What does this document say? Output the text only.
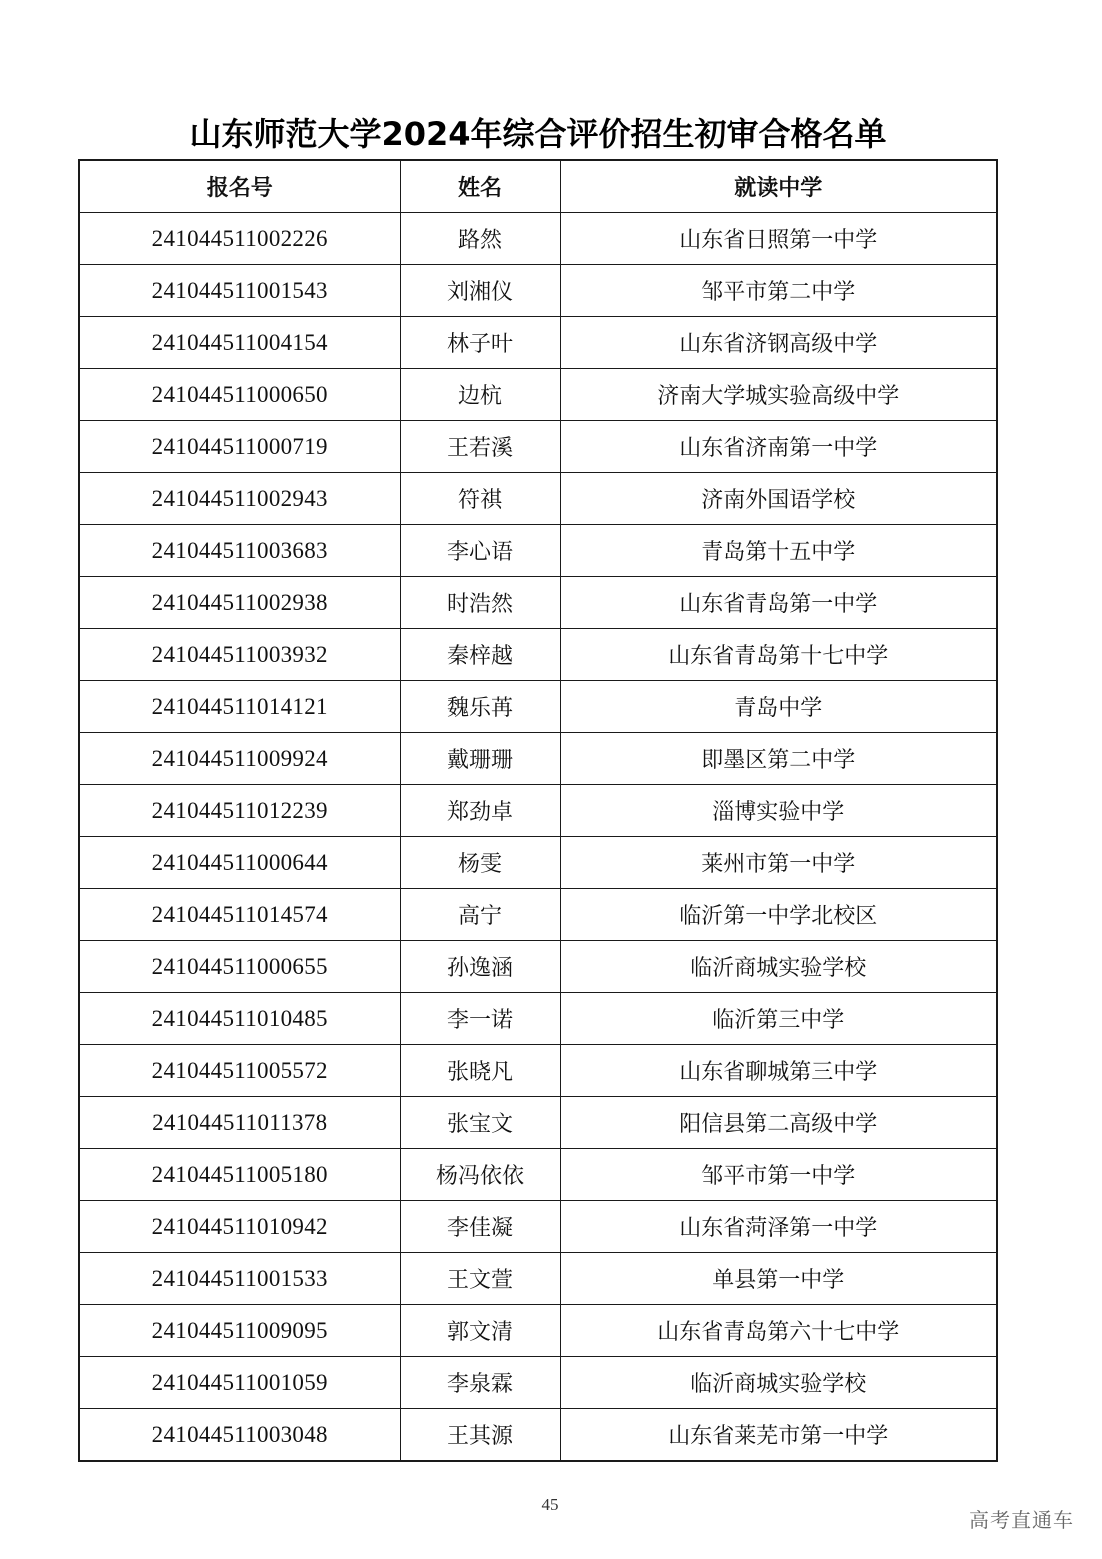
山东师范大学2024年综合评价招生初审合格名单
报名号	姓名	就读中学
241044511002226	路然	山东省日照第一中学
241044511001543	刘湘仪	邹平市第二中学
241044511004154	林子叶	山东省济钢高级中学
241044511000650	边杭	济南大学城实验高级中学
241044511000719	王若溪	山东省济南第一中学
241044511002943	符祺	济南外国语学校
241044511003683	李心语	青岛第十五中学
241044511002938	时浩然	山东省青岛第一中学
241044511003932	秦梓越	山东省青岛第十七中学
241044511014121	魏乐苒	青岛中学
241044511009924	戴珊珊	即墨区第二中学
241044511012239	郑劲卓	淄博实验中学
241044511000644	杨雯	莱州市第一中学
241044511014574	高宁	临沂第一中学北校区
241044511000655	孙逸涵	临沂商城实验学校
241044511010485	李一诺	临沂第三中学
241044511005572	张晓凡	山东省聊城第三中学
241044511011378	张宝文	阳信县第二高级中学
241044511005180	杨冯依依	邹平市第一中学
241044511010942	李佳凝	山东省菏泽第一中学
241044511001533	王文萱	单县第一中学
241044511009095	郭文清	山东省青岛第六十七中学
241044511001059	李泉霖	临沂商城实验学校
241044511003048	王其源	山东省莱芜市第一中学
45
高考直通车
